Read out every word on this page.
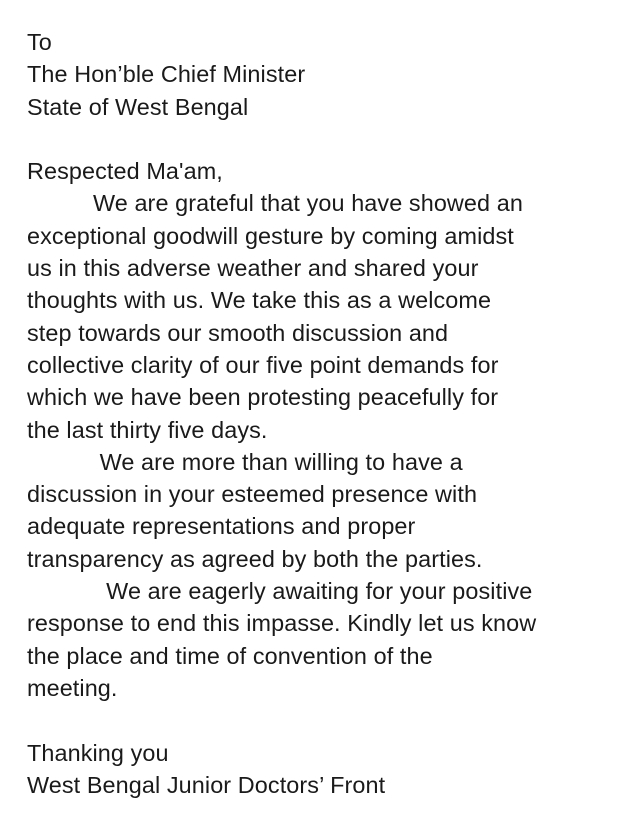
To
The Hon’ble Chief Minister
State of West Bengal
Respected Ma'am,
We are grateful that you have showed an
exceptional goodwill gesture by coming amidst
us in this adverse weather and shared your
thoughts with us. We take this as a welcome
step towards our smooth discussion and
collective clarity of our five point demands for
which we have been protesting peacefully for
the last thirty five days.
We are more than willing to have a
discussion in your esteemed presence with
adequate representations and proper
transparency as agreed by both the parties.
We are eagerly awaiting for your positive
response to end this impasse. Kindly let us know
the place and time of convention of the
meeting.
Thanking you
West Bengal Junior Doctors’ Front
